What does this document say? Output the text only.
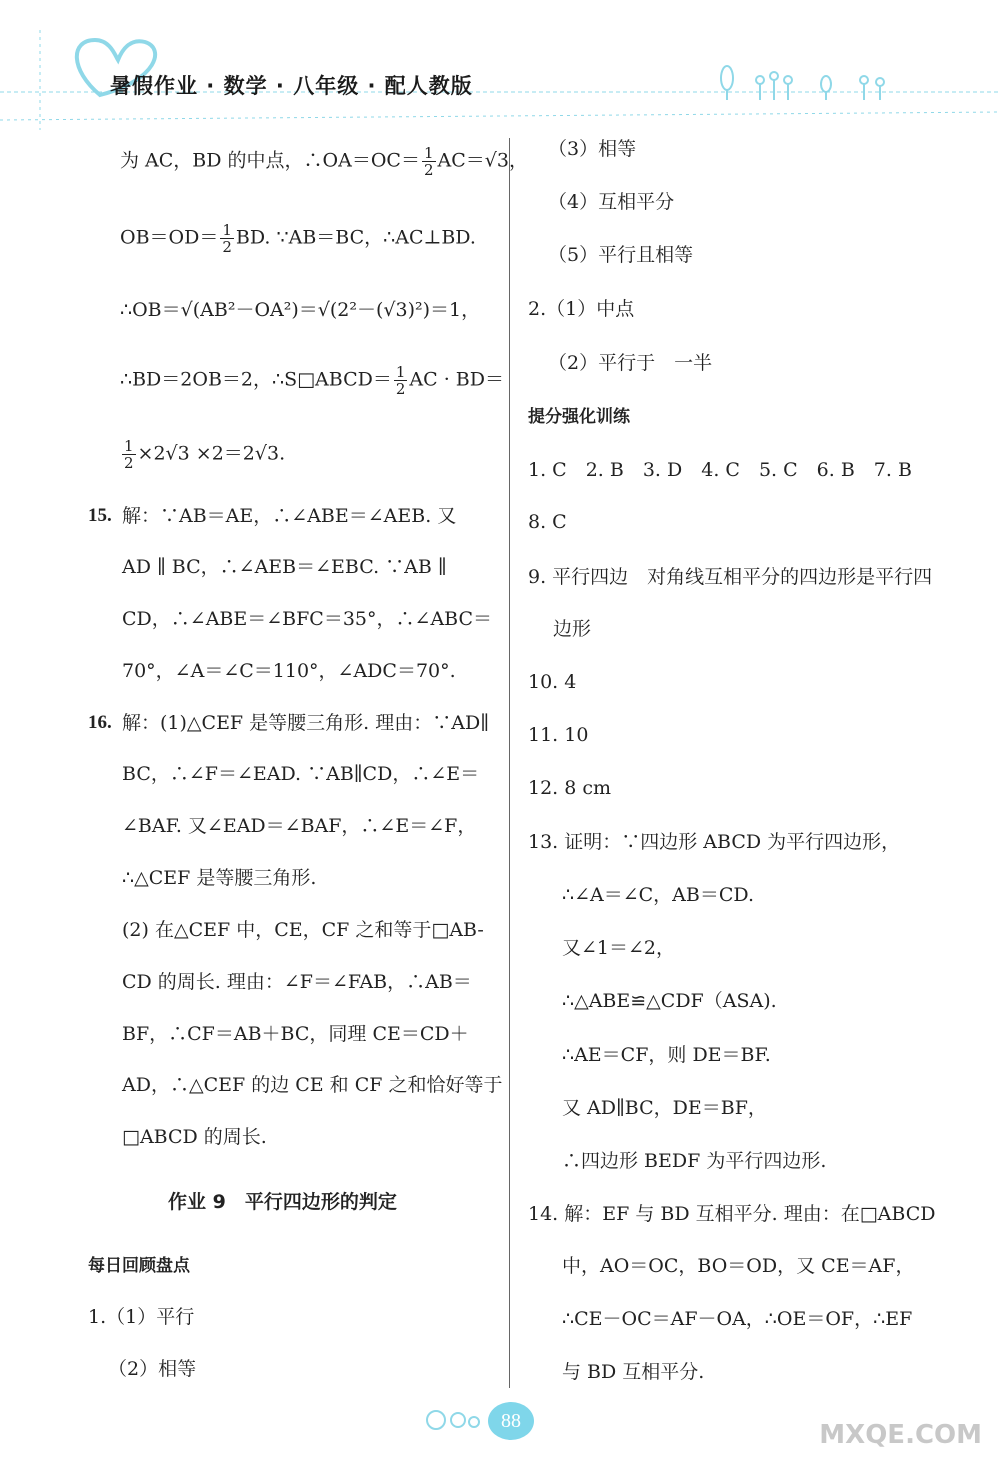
暑假作业 · 数学 · 八年级 · 配人教版
为 AC，BD 的中点，∴OA＝OC＝ $\frac{1}{2} AC=√3$，
$OB=OD= \frac{1}{2}$ BD. ∵AB＝BC，∴AC⊥BD.
∴OB＝√(AB²－OA²)＝√(2²－(√3)²)＝1，
∴BD＝2OB＝2，∴S□ABCD＝ $\frac{1}{2}$ AC · BD＝
$\frac{1}{2} \times 2√3 \times 2=2√3$.
15. 解：∵AB＝AE，∴∠ABE＝∠AEB. 又
AD ∥ BC，∴∠AEB＝∠EBC. ∵AB ∥
CD，∴∠ABE＝∠BFC＝35°，∴∠ABC＝
70°，∠A＝∠C＝110°，∠ADC＝70°.
16. 解：(1)△CEF 是等腰三角形. 理由：∵AD∥
BC，∴∠F＝∠EAD. ∵AB∥CD，∴∠E＝
∠BAF. 又∠EAD＝∠BAF，∴∠E＝∠F，
∴△CEF 是等腰三角形.
(2) 在△CEF 中，CE，CF 之和等于□AB-
CD 的周长. 理由：∠F＝∠FAB，∴AB＝
BF，∴CF＝AB＋BC，同理 CE＝CD＋
AD，∴△CEF 的边 CE 和 CF 之和恰好等于
□ABCD 的周长.
作业 9　平行四边形的判定
每日回顾盘点
1.（1）平行
（2）相等
（3）相等
（4）互相平分
（5）平行且相等
2.（1）中点
（2）平行于　一半
提分强化训练
1. C　2. B　3. D　4. C　5. C　6. B　7. B
8. C
9. 平行四边　对角线互相平分的四边形是平行四
边形
10. 4
11. 10
12. 8 cm
13. 证明：∵四边形 ABCD 为平行四边形，
∴∠A＝∠C，AB＝CD.
又∠1＝∠2，
∴△ABE≌△CDF（ASA).
∴AE＝CF，则 DE＝BF.
又 AD∥BC，DE＝BF，
∴四边形 BEDF 为平行四边形.
14. 解：EF 与 BD 互相平分. 理由：在□ABCD
中，AO＝OC，BO＝OD，又 CE＝AF，
∴CE－OC＝AF－OA，∴OE＝OF，∴EF
与 BD 互相平分.
88	MXQE.COM
